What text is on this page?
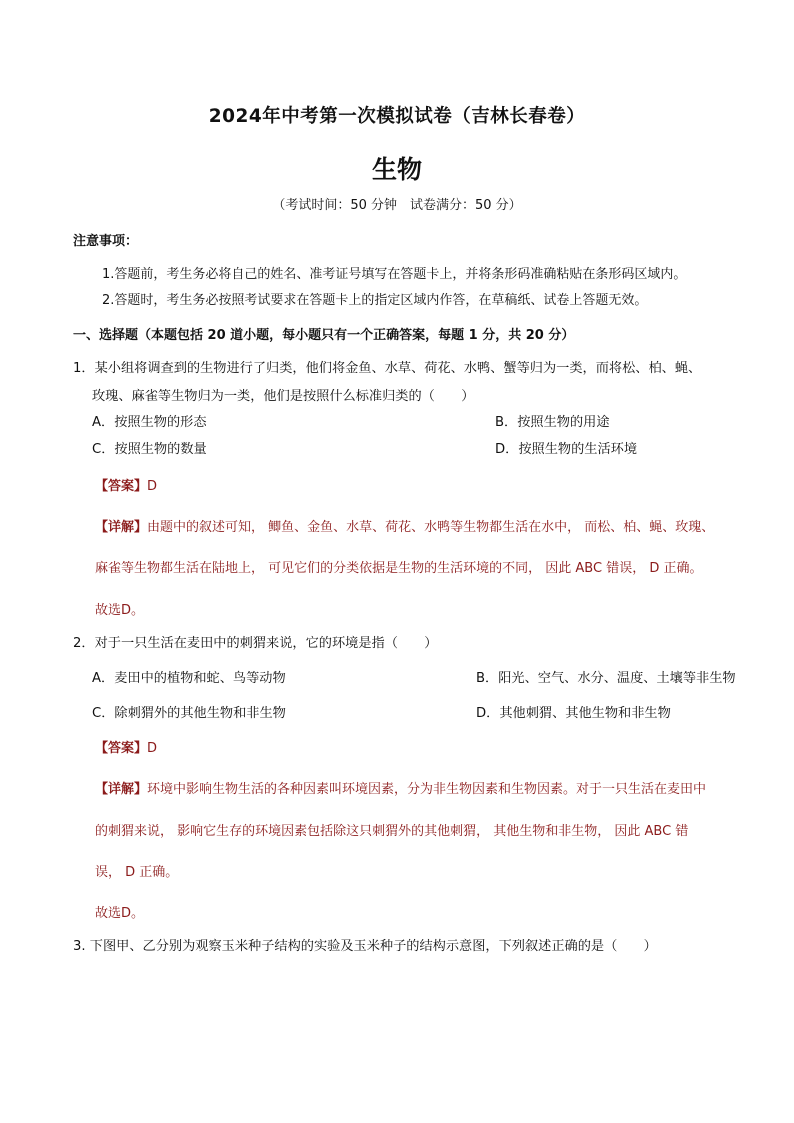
2024年中考第一次模拟试卷（吉林长春卷）
生物
（考试时间：50 分钟　试卷满分：50 分）
注意事项：
1.答题前，考生务必将自己的姓名、准考证号填写在答题卡上，并将条形码准确粘贴在条形码区域内。
2.答题时，考生务必按照考试要求在答题卡上的指定区域内作答，在草稿纸、试卷上答题无效。
一、选择题（本题包括 20 道小题，每小题只有一个正确答案，每题 1 分，共 20 分）
1．某小组将调查到的生物进行了归类，他们将金鱼、水草、荷花、水鸭、蟹等归为一类，而将松、柏、蝇、
玫瑰、麻雀等生物归为一类，他们是按照什么标准归类的（　　）
A．按照生物的形态	B．按照生物的用途
C．按照生物的数量	D．按照生物的生活环境
【答案】D
【详解】由题中的叙述可知， 鲫鱼、金鱼、水草、荷花、水鸭等生物都生活在水中， 而松、柏、蝇、玫瑰、
麻雀等生物都生活在陆地上， 可见它们的分类依据是生物的生活环境的不同， 因此 ABC 错误， D 正确。
故选D。
2．对于一只生活在麦田中的刺猬来说，它的环境是指（　　）
A．麦田中的植物和蛇、鸟等动物	B．阳光、空气、水分、温度、土壤等非生物
C．除刺猬外的其他生物和非生物	D．其他刺猬、其他生物和非生物
【答案】D
【详解】环境中影响生物生活的各种因素叫环境因素，分为非生物因素和生物因素。对于一只生活在麦田中
的刺猬来说， 影响它生存的环境因素包括除这只刺猬外的其他刺猬， 其他生物和非生物， 因此 ABC 错
误， D 正确。
故选D。
3. 下图甲、乙分别为观察玉米种子结构的实验及玉米种子的结构示意图，下列叙述正确的是（　　）
